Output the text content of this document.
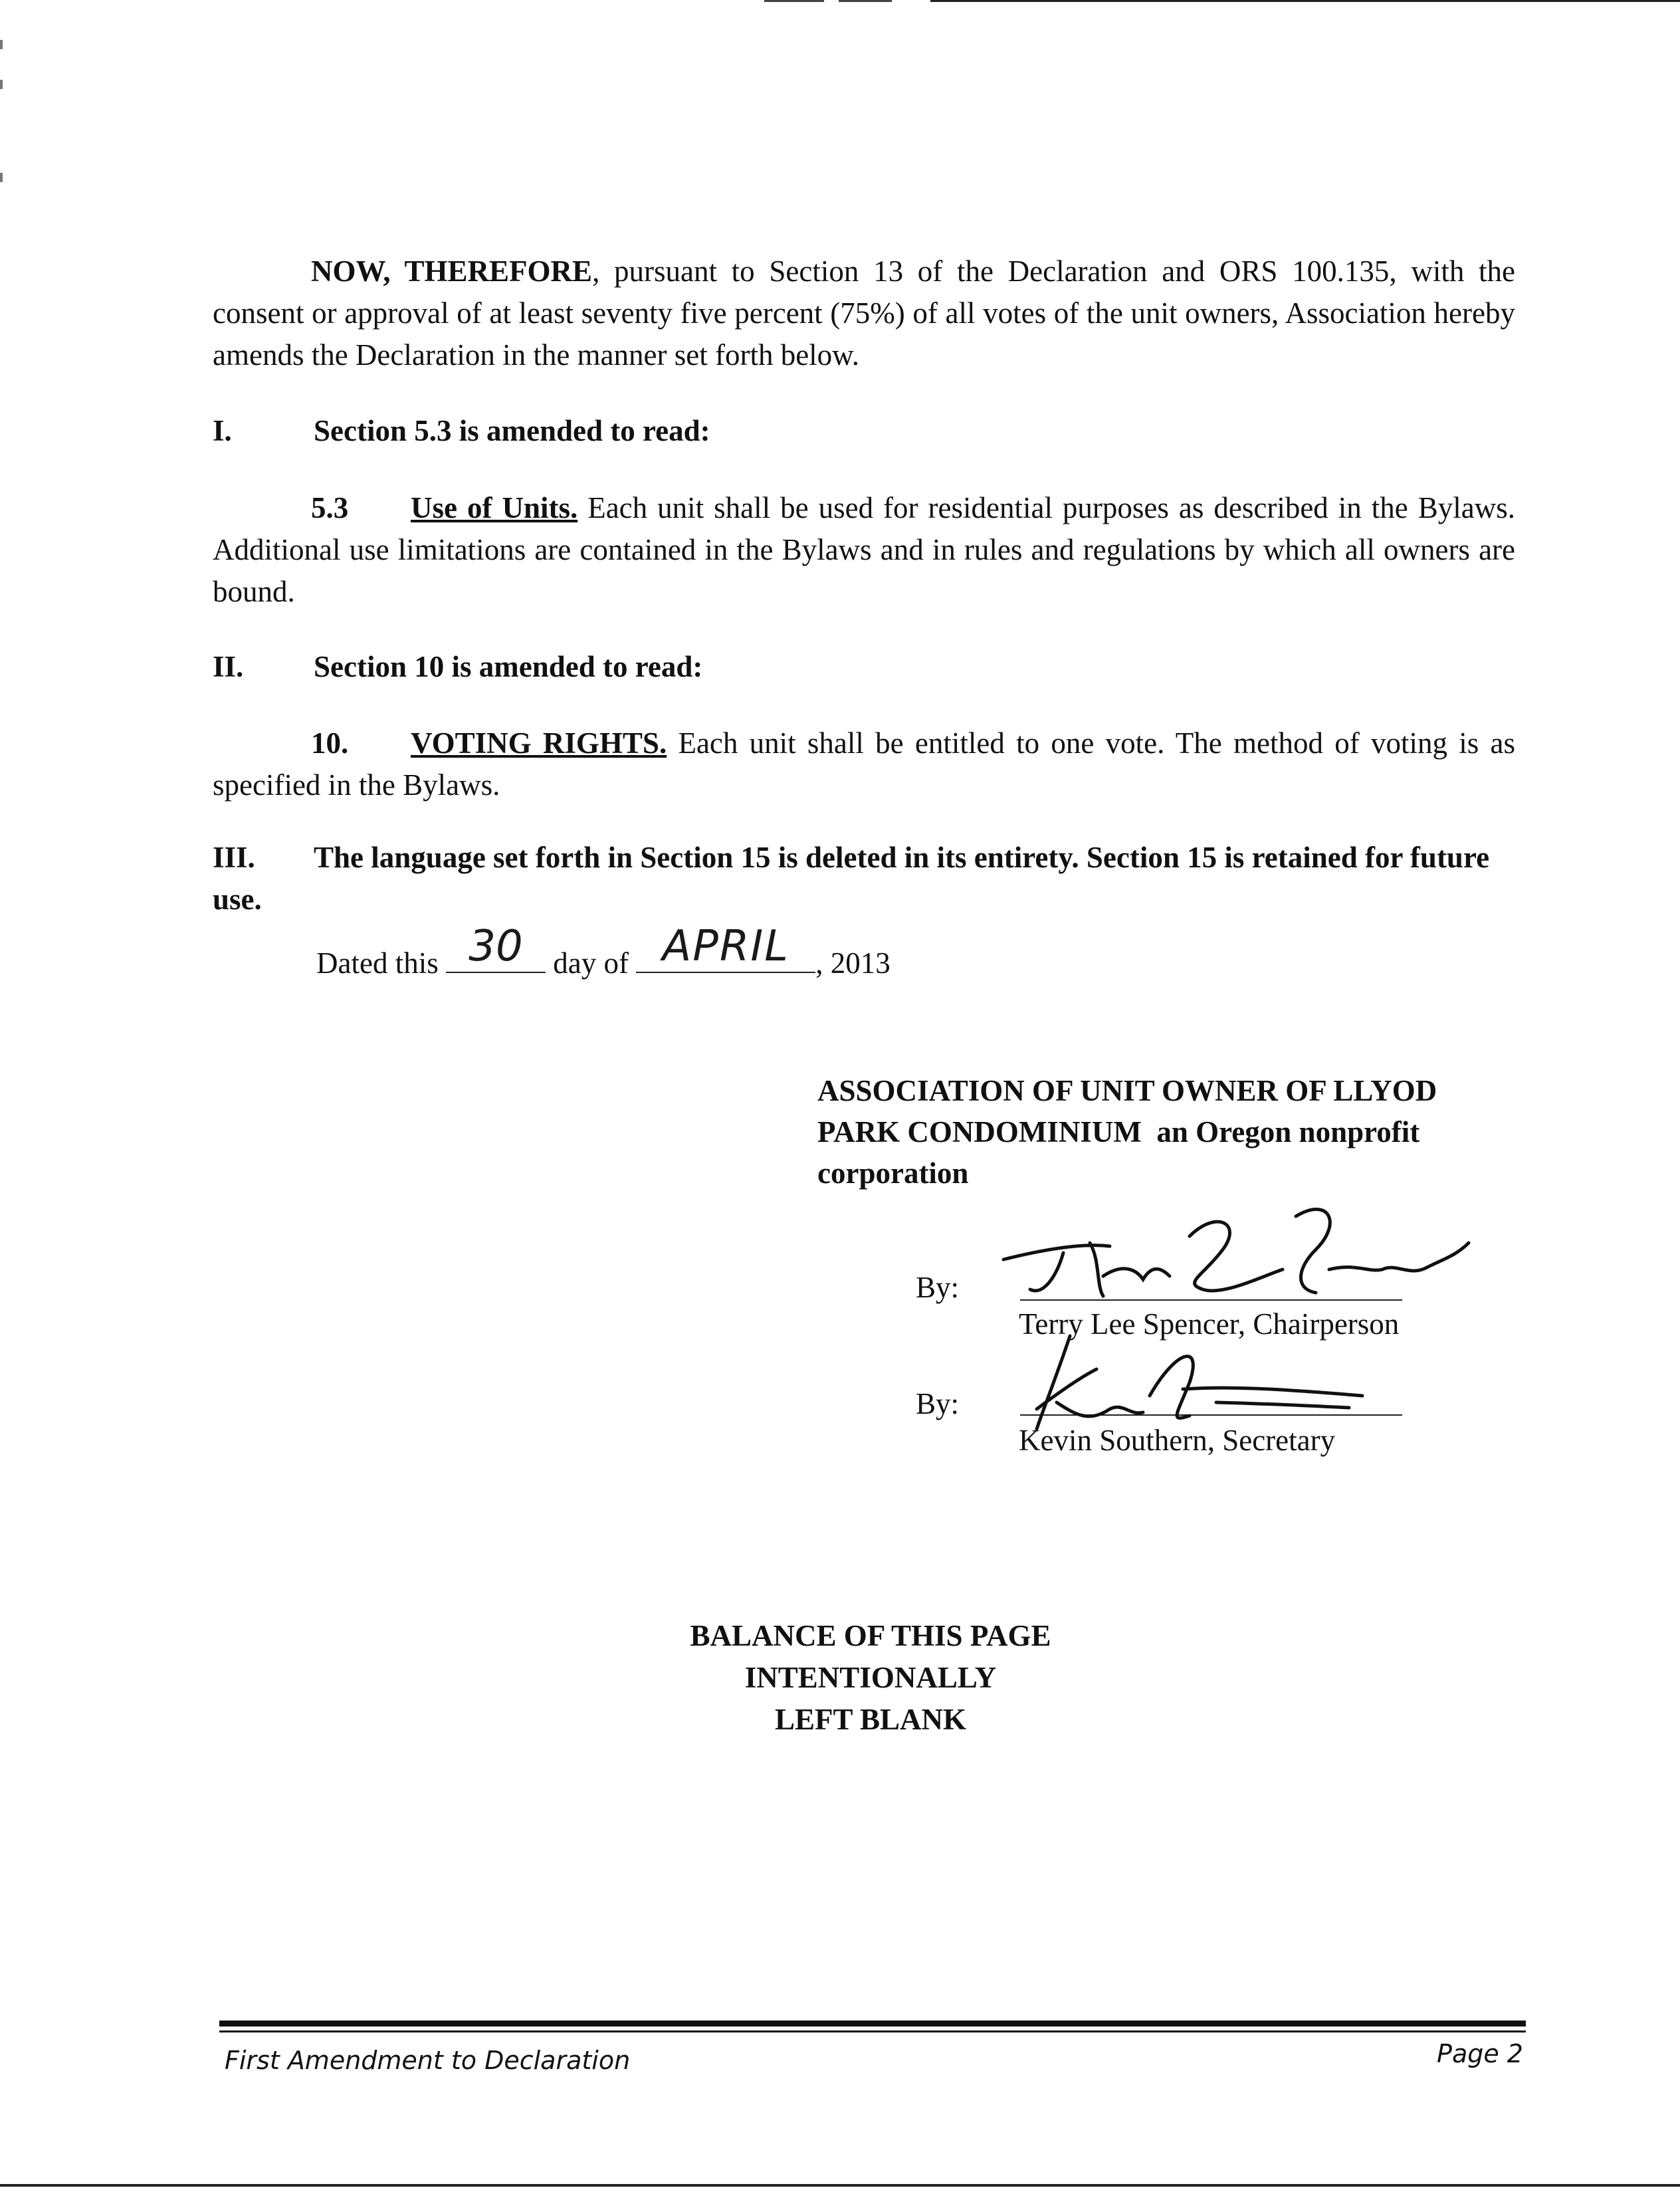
NOW, THEREFORE, pursuant to Section 13 of the Declaration and ORS 100.135, with the consent or approval of at least seventy five percent (75%) of all votes of the unit owners, Association hereby amends the Declaration in the manner set forth below.
I.	Section 5.3 is amended to read:
5.3 Use of Units. Each unit shall be used for residential purposes as described in the Bylaws. Additional use limitations are contained in the Bylaws and in rules and regulations by which all owners are bound.
II. Section 10 is amended to read:
10. VOTING RIGHTS. Each unit shall be entitled to one vote. The method of voting is as specified in the Bylaws.
III. The language set forth in Section 15 is deleted in its entirety. Section 15 is retained for future use.
Dated this 30	day of APRIL , 2013
ASSOCIATION OF UNIT OWNER OF LLYOD
PARK CONDOMINIUM  an Oregon nonprofit
corporation
By:
Terry Lee Spencer, Chairperson
By:
Kevin Southern, Secretary
BALANCE OF THIS PAGE
INTENTIONALLY
LEFT BLANK
First Amendment to Declaration	Page 2
